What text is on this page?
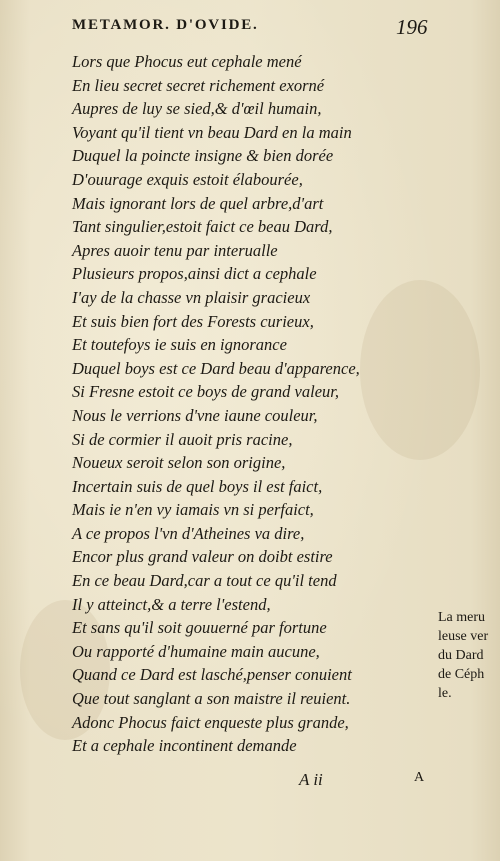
METAMOR. D'OVIDE.	196
Lors que Phocus eut cephale mené
En lieu secret secret richement exorné
Aupres de luy se sied,& d'œil humain,
Voyant qu'il tient vn beau Dard en la main
Duquel la poincte insigne & bien dorée
D'ouurage exquis estoit élabourée,
Mais ignorant lors de quel arbre,d'art
Tant singulier,estoit faict ce beau Dard,
Apres auoir tenu par interualle
Plusieurs propos,ainsi dict a cephale
I'ay de la chasse vn plaisir gracieux
Et suis bien fort des Forests curieux,
Et toutefoys ie suis en ignorance
Duquel boys est ce Dard beau d'apparence,
Si Fresne estoit ce boys de grand valeur,
Nous le verrions d'vne iaune couleur,
Si de cormier il auoit pris racine,
Noueux seroit selon son origine,
Incertain suis de quel boys il est faict,
Mais ie n'en vy iamais vn si perfaict,
A ce propos l'vn d'Atheines va dire,
Encor plus grand valeur on doibt estire
En ce beau Dard,car a tout ce qu'il tend
Il y atteinct,& a terre l'estend,
Et sans qu'il soit gouuerné par fortune
Ou rapporté d'humaine main aucune,
Quand ce Dard est lasché,penser conuient
Que tout sanglant a son maistre il reuient.
Adonc Phocus faict enqueste plus grande,
Et a cephale incontinent demande
La meru
leuse ver
du Dard
de Céph
le.
A ii	A
